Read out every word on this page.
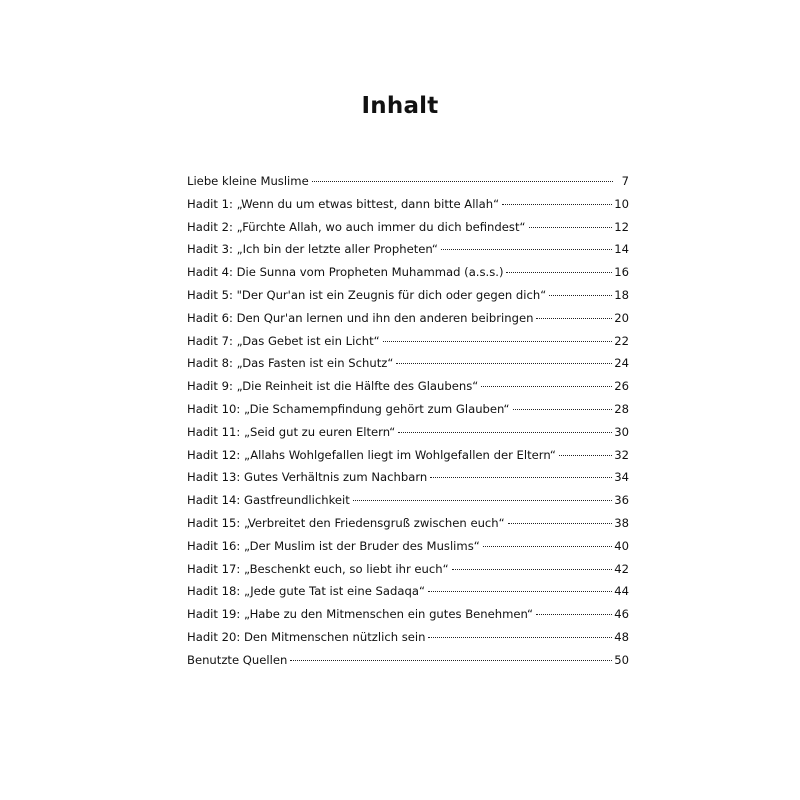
Inhalt
Liebe kleine Muslime	7
Hadit 1: „Wenn du um etwas bittest, dann bitte Allah“	10
Hadit 2: „Fürchte Allah, wo auch immer du dich befindest“	12
Hadit 3: „Ich bin der letzte aller Propheten“	14
Hadit 4: Die Sunna vom Propheten Muhammad (a.s.s.)	16
Hadit 5: "Der Qur'an ist ein Zeugnis für dich oder gegen dich“	18
Hadit 6: Den Qur'an lernen und ihn den anderen beibringen	20
Hadit 7: „Das Gebet ist ein Licht“	22
Hadit 8: „Das Fasten ist ein Schutz“	24
Hadit 9: „Die Reinheit ist die Hälfte des Glaubens“	26
Hadit 10: „Die Schamempfindung gehört zum Glauben“	28
Hadit 11: „Seid gut zu euren Eltern“	30
Hadit 12: „Allahs Wohlgefallen liegt im Wohlgefallen der Eltern“	32
Hadit 13: Gutes Verhältnis zum Nachbarn	34
Hadit 14: Gastfreundlichkeit	36
Hadit 15: „Verbreitet den Friedensgruß zwischen euch“	38
Hadit 16: „Der Muslim ist der Bruder des Muslims“	40
Hadit 17: „Beschenkt euch, so liebt ihr euch“	42
Hadit 18: „Jede gute Tat ist eine Sadaqa“	44
Hadit 19: „Habe zu den Mitmenschen ein gutes Benehmen“	46
Hadit 20: Den Mitmenschen nützlich sein	48
Benutzte Quellen	50
